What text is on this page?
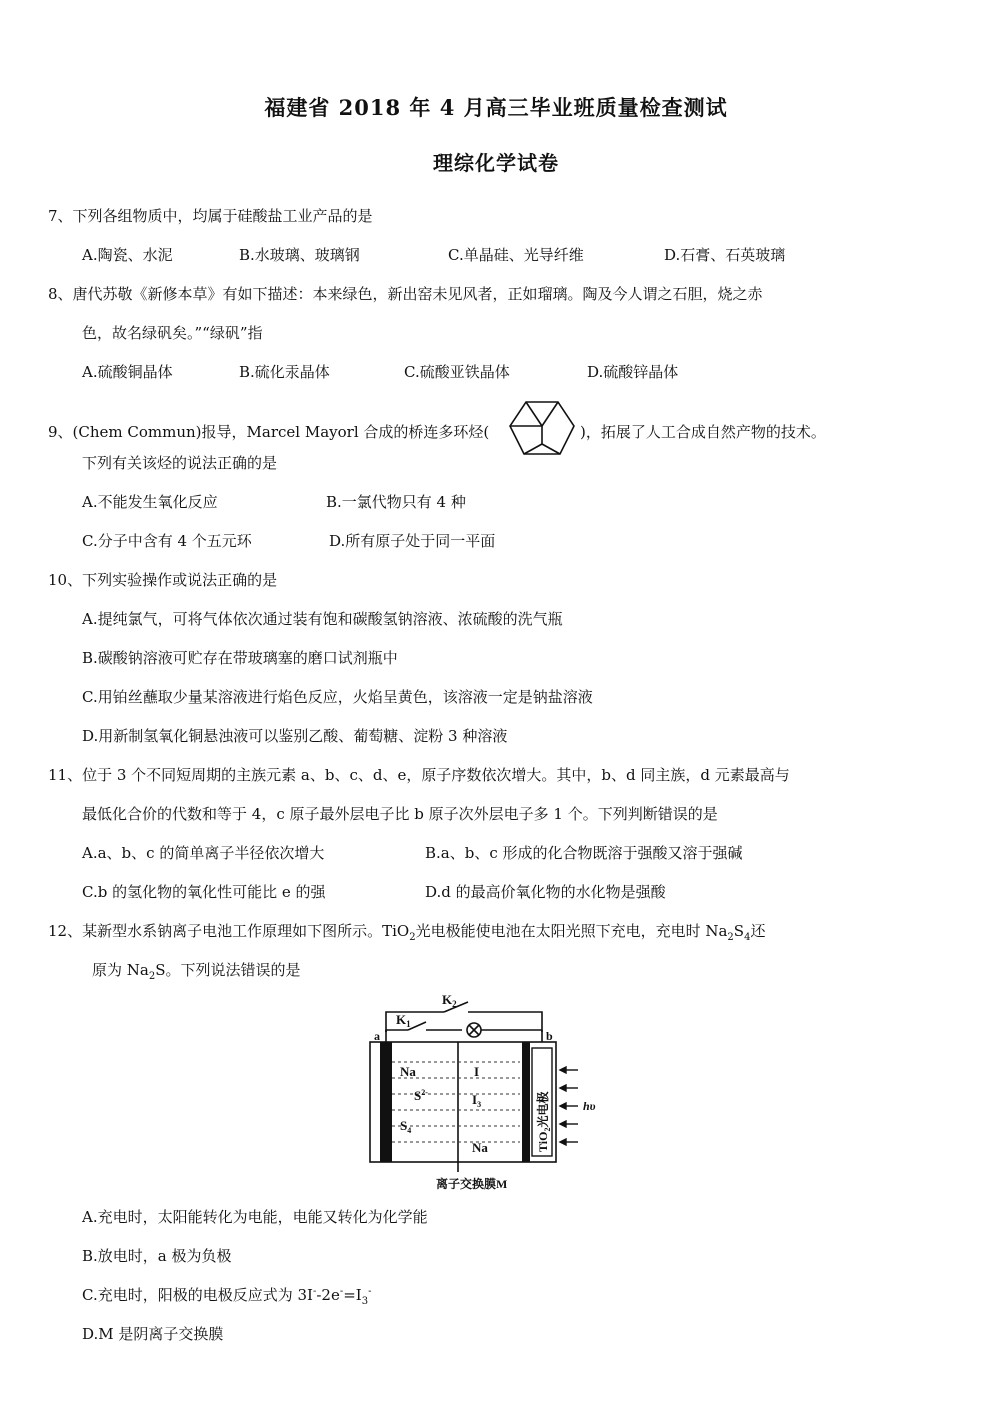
福建省 2018 年 4 月高三毕业班质量检查测试
理综化学试卷
7、下列各组物质中，均属于硅酸盐工业产品的是
A.陶瓷、水泥	B.水玻璃、玻璃钢	C.单晶硅、光导纤维	D.石膏、石英玻璃
8、唐代苏敬《新修本草》有如下描述：本来绿色，新出窑未见风者，正如瑠璃。陶及今人谓之石胆，烧之赤
色，故名绿矾矣。”“绿矾”指
A.硫酸铜晶体	B.硫化汞晶体	C.硫酸亚铁晶体	D.硫酸锌晶体
9、(Chem Commun)报导，Marcel Mayorl 合成的桥连多环烃(	)，拓展了人工合成自然产物的技术。
下列有关该烃的说法正确的是
A.不能发生氧化反应	B.一氯代物只有 4 种
C.分子中含有 4 个五元环	D.所有原子处于同一平面
10、下列实验操作或说法正确的是
A.提纯氯气，可将气体依次通过装有饱和碳酸氢钠溶液、浓硫酸的洗气瓶
B.碳酸钠溶液可贮存在带玻璃塞的磨口试剂瓶中
C.用铂丝蘸取少量某溶液进行焰色反应，火焰呈黄色，该溶液一定是钠盐溶液
D.用新制氢氧化铜悬浊液可以鉴别乙酸、葡萄糖、淀粉 3 种溶液
11、位于 3 个不同短周期的主族元素 a、b、c、d、e，原子序数依次增大。其中，b、d 同主族，d 元素最高与
最低化合价的代数和等于 4，c 原子最外层电子比 b 原子次外层电子多 1 个。下列判断错误的是
A.a、b、c 的简单离子半径依次增大	B.a、b、c 形成的化合物既溶于强酸又溶于强碱
C.b 的氢化物的氧化性可能比 e 的强	D.d 的最高价氧化物的水化物是强酸
12、某新型水系钠离子电池工作原理如下图所示。TiO$_2$光电极能使电池在太阳光照下充电，充电时 $Na_2S_4$还
原为 $Na_2S$。下列说法错误的是
$K_2$
$K_1$
a	b
Na
$S^{2-}$
$S_4$
I
$I_3$
Na
hυ
离子交换膜M
TiO$_2$光电极
A.充电时，太阳能转化为电能，电能又转化为化学能
B.放电时，a 极为负极
C.充电时，阳极的电极反应式为 $3I^--2e^-=I_3^-$
D.M 是阴离子交换膜
